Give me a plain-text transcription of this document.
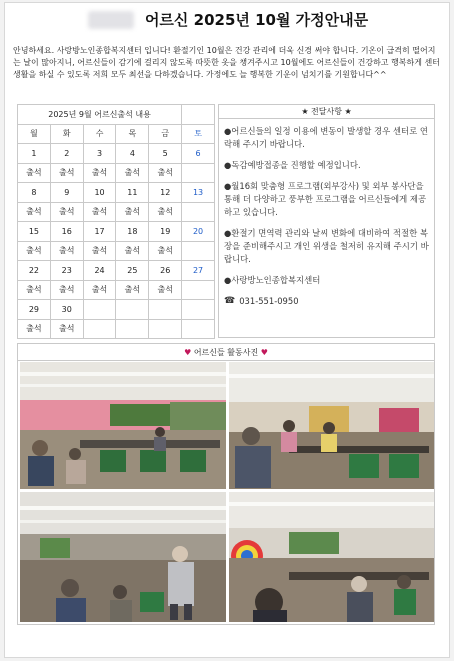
어르신 2025년 10월 가정안내문
안녕하세요. 사랑방노인종합복지센터 입니다! 환절기인 10월은 건강 관리에 더욱 신경 써야 합니다. 기온이 급격히 떨어지는 날이 많아지니, 어르신들이 감기에 걸리지 않도록 따뜻한 옷을 챙겨주시고 10월에도 어르신들이 건강하고 행복하게 센터 생활을 하실 수 있도록 저희 모두 최선을 다하겠습니다. 가정에도 늘 행복한 기운이 넘치기를 기원합니다^^
2025년 9월 어르신출석 내용					
월	화	수	목	금	토
1	2	3	4	5	6
출석	출석	출석	출석	출석	
8	9	10	11	12	13
출석	출석	출석	출석	출석	
15	16	17	18	19	20
출석	출석	출석	출석	출석	
22	23	24	25	26	27
출석	출석	출석	출석	출석	
29	30				
출석	출석				
★ 전달사항 ★

●어르신들의 일정 이용에 변동이 발생할 경우 센터로 연락해 주시기 바랍니다.

●독감예방접종을 진행할 예정입니다.

●월16회 맞춤형 프로그램(외부강사) 및 외부 봉사단을 통해 더 다양하고 풍부한 프로그램을 어르신들에게 제공하고 있습니다.

●환절기 면역력 관리와 날씨 변화에 대비하여 적절한 복장을 준비해주시고 개인 위생을 철저히 유지해 주시기 바랍니다.

●사랑방노인종합복지센터

☎ 031-551-0950
♥ 어르신들 활동사진 ♥
